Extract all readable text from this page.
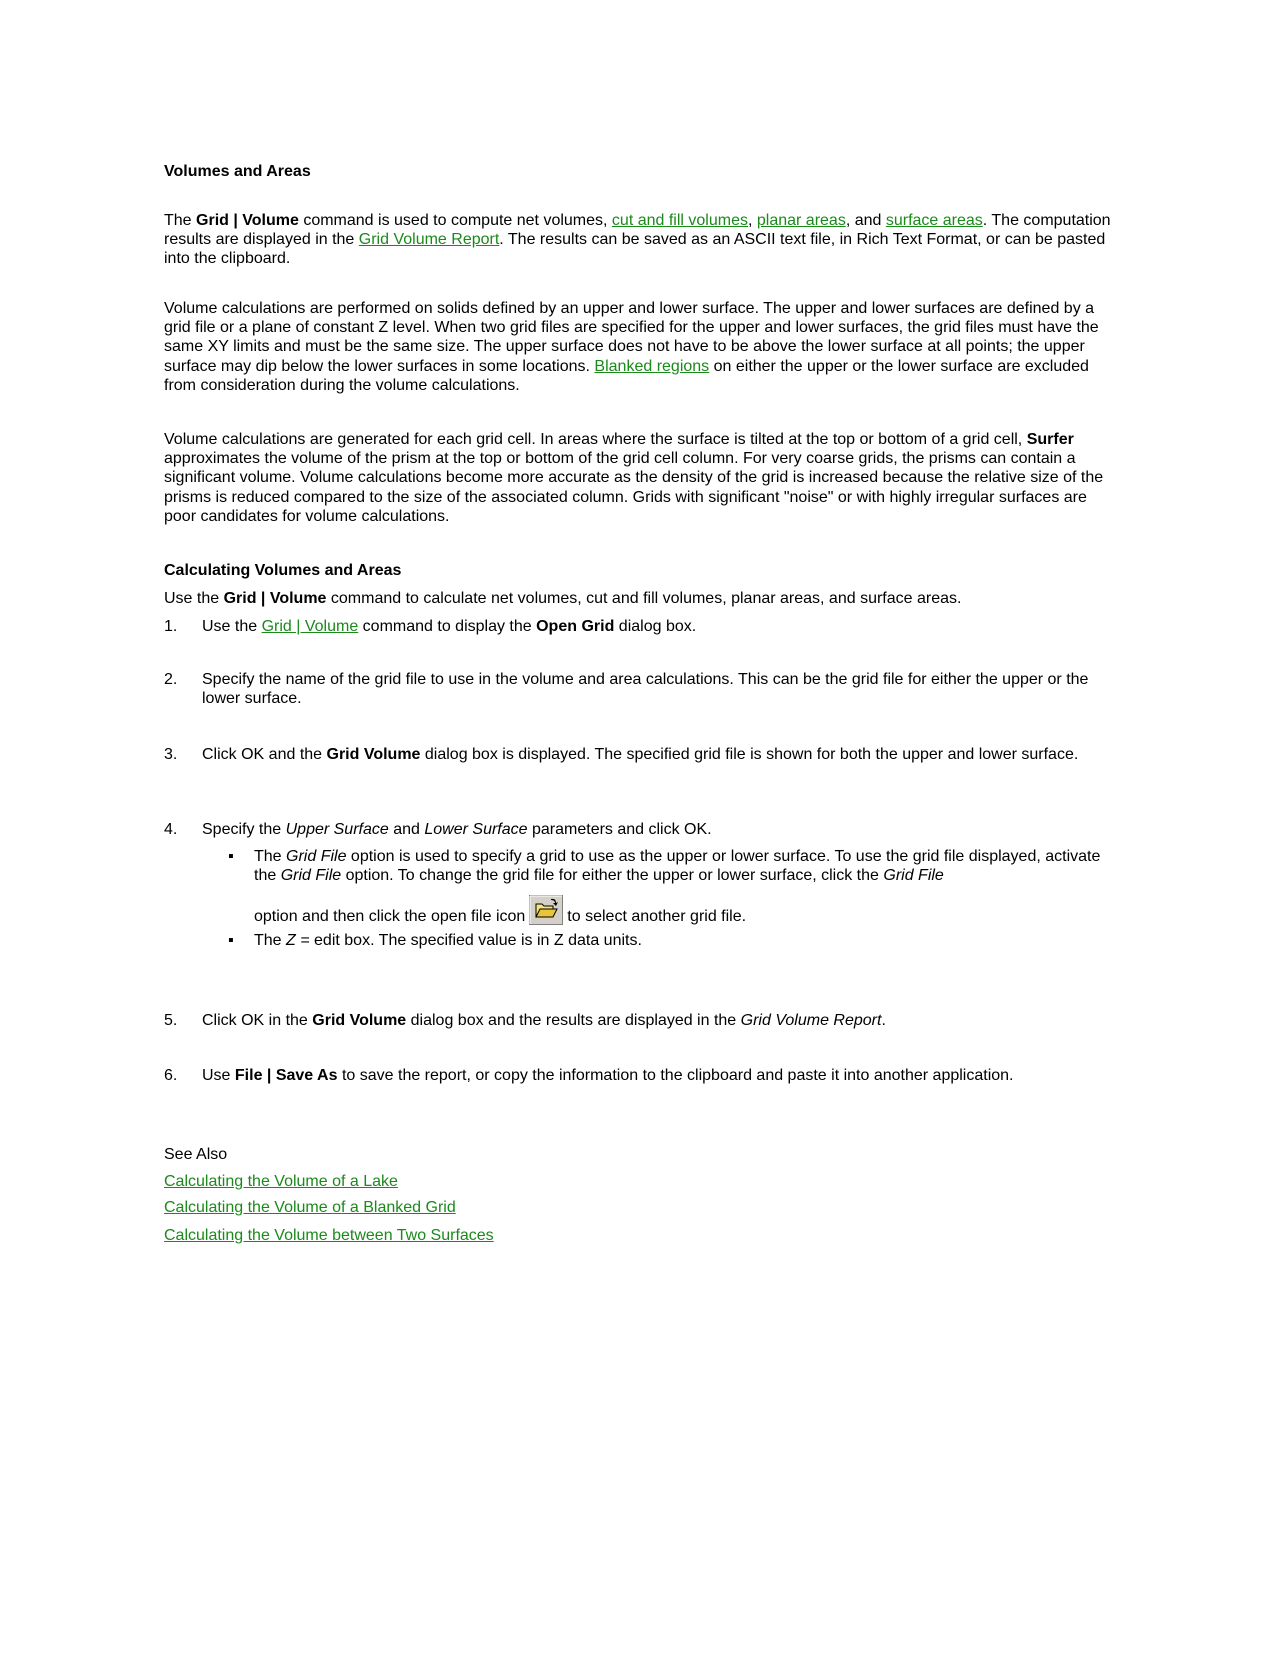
Volumes and Areas

The Grid | Volume command is used to compute net volumes, cut and fill volumes, planar areas, and surface areas. The computation results are displayed in the Grid Volume Report. The results can be saved as an ASCII text file, in Rich Text Format, or can be pasted into the clipboard.

Volume calculations are performed on solids defined by an upper and lower surface. The upper and lower surfaces are defined by a grid file or a plane of constant Z level. When two grid files are specified for the upper and lower surfaces, the grid files must have the same XY limits and must be the same size. The upper surface does not have to be above the lower surface at all points; the upper surface may dip below the lower surfaces in some locations. Blanked regions on either the upper or the lower surface are excluded from consideration during the volume calculations.

Volume calculations are generated for each grid cell. In areas where the surface is tilted at the top or bottom of a grid cell, Surfer approximates the volume of the prism at the top or bottom of the grid cell column. For very coarse grids, the prisms can contain a significant volume. Volume calculations become more accurate as the density of the grid is increased because the relative size of the prisms is reduced compared to the size of the associated column. Grids with significant "noise" or with highly irregular surfaces are poor candidates for volume calculations.

Calculating Volumes and Areas

Use the Grid | Volume command to calculate net volumes, cut and fill volumes, planar areas, and surface areas.

1. Use the Grid | Volume command to display the Open Grid dialog box.

2. Specify the name of the grid file to use in the volume and area calculations. This can be the grid file for either the upper or the lower surface.

3. Click OK and the Grid Volume dialog box is displayed. The specified grid file is shown for both the upper and lower surface.

4. Specify the Upper Surface and Lower Surface parameters and click OK.

▪ The Grid File option is used to specify a grid to use as the upper or lower surface. To use the grid file displayed, activate the Grid File option. To change the grid file for either the upper or lower surface, click the Grid File

option and then click the open file icon	to select another grid file.

▪ The Z = edit box. The specified value is in Z data units.

5. Click OK in the Grid Volume dialog box and the results are displayed in the Grid Volume Report.

6. Use File | Save As to save the report, or copy the information to the clipboard and paste it into another application.

See Also

Calculating the Volume of a Lake

Calculating the Volume of a Blanked Grid

Calculating the Volume between Two Surfaces
